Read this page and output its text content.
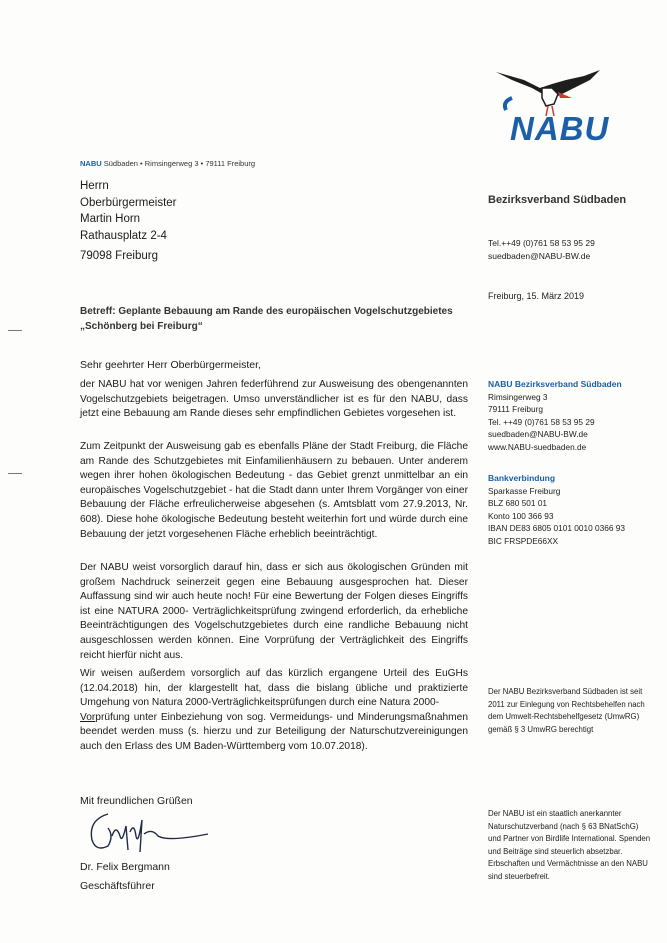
NABU
NABU Südbaden • Rimsingerweg 3 • 79111 Freiburg
Herrn
Oberbürgermeister
Martin Horn
Rathausplatz 2-4
79098 Freiburg
Bezirksverband Südbaden
Tel.++49 (0)761 58 53 95 29
suedbaden@NABU-BW.de
Freiburg, 15. März 2019
Betreff: Geplante Bebauung am Rande des europäischen Vogelschutzgebietes
„Schönberg bei Freiburg“
Sehr geehrter Herr Oberbürgermeister,

der NABU hat vor wenigen Jahren federführend zur Ausweisung des obengenannten Vogelschutzgebiets beigetragen. Umso unverständlicher ist es für den NABU, dass jetzt eine Bebauung am Rande dieses sehr empfindlichen Gebietes vorgesehen ist.

Zum Zeitpunkt der Ausweisung gab es ebenfalls Pläne der Stadt Freiburg, die Fläche am Rande des Schutzgebietes mit Einfamilienhäusern zu bebauen. Unter anderem wegen ihrer hohen ökologischen Bedeutung - das Gebiet grenzt unmittelbar an ein europäisches Vogelschutzgebiet - hat die Stadt dann unter Ihrem Vorgänger von einer Bebauung der Fläche erfreulicherweise abgesehen (s. Amtsblatt vom 27.9.2013, Nr. 608). Diese hohe ökologische Bedeutung besteht weiterhin fort und würde durch eine Bebauung der jetzt vorgesehenen Fläche erheblich beeinträchtigt.

Der NABU weist vorsorglich darauf hin, dass er sich aus ökologischen Gründen mit großem Nachdruck seinerzeit gegen eine Bebauung ausgesprochen hat. Dieser Auffassung sind wir auch heute noch! Für eine Bewertung der Folgen dieses Eingriffs ist eine NATURA 2000- Verträglichkeitsprüfung zwingend erforderlich, da erhebliche Beeinträchtigungen des Vogelschutzgebietes durch eine randliche Bebauung nicht ausgeschlossen werden können. Eine Vorprüfung der Verträglichkeit des Eingriffs reicht hierfür nicht aus.

Wir weisen außerdem vorsorglich auf das kürzlich ergangene Urteil des EuGHs (12.04.2018) hin, der klargestellt hat, dass die bislang übliche und praktizierte Umgehung von Natura 2000-Verträglichkeitsprüfungen durch eine Natura 2000-
Vorprüfung unter Einbeziehung von sog. Vermeidungs- und Minderungsmaßnahmen beendet werden muss (s. hierzu und zur Beteiligung der Naturschutzvereinigungen auch den Erlass des UM Baden-Württemberg vom 10.07.2018).

NABU Bezirksverband Südbaden
Rimsingerweg 3
79111 Freiburg
Tel. ++49 (0)761 58 53 95 29
suedbaden@NABU-BW.de
www.NABU-suedbaden.de
Bankverbindung
Sparkasse Freiburg
BLZ 680 501 01
Konto 100 366 93
IBAN DE83 6805 0101 0010 0366 93
BIC FRSPDE66XX
Der NABU Bezirksverband Südbaden ist seit 2011 zur Einlegung von Rechtsbehelfen nach dem Umwelt-Rechtsbehelfgesetz (UmwRG) gemäß § 3 UmwRG berechtigt
Der NABU ist ein staatlich anerkannter Naturschutzverband (nach § 63 BNatSchG) und Partner von Birdlife International. Spenden und Beiträge sind steuerlich absetzbar. Erbschaften und Vermächtnisse an den NABU sind steuerbefreit.
Mit freundlichen Grüßen
Dr. Felix Bergmann
Geschäftsführer
